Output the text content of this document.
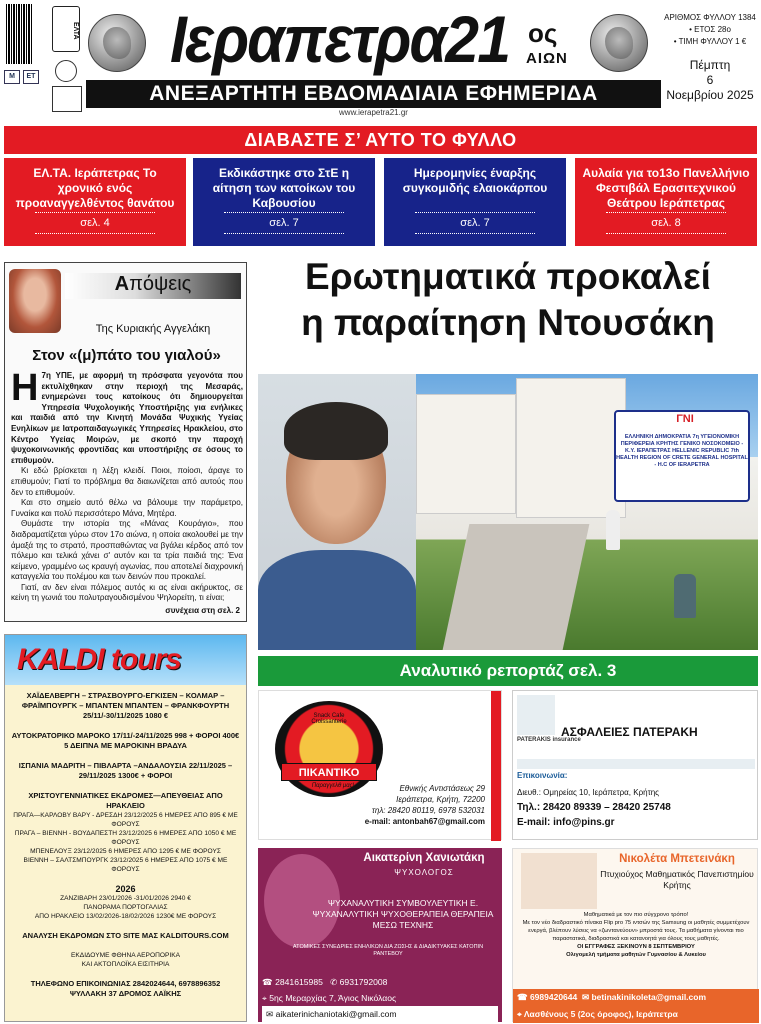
Μ	ΕΤ
ΕΛΤΑ Ιεραπετρα21 ος
ΑΙΩΝ
ΑΝΕΞΑΡΤΗΤΗ ΕΒΔΟΜΑΔΙΑΙΑ ΕΦΗΜΕΡΙΔΑ
www.ierapetra21.gr
ΑΡΙΘΜΟΣ ΦΥΛΛΟΥ 1384
• ΕΤΟΣ 28ο
• ΤΙΜΗ ΦΥΛΛΟΥ 1 €
Πέμπτη
6
Νοεμβρίου 2025
ΔΙΑΒΑΣΤΕ Σ’ ΑΥΤΟ ΤΟ ΦΥΛΛΟ
ΕΛ.ΤΑ. Ιεράπετρας Το χρονικό ενός προαναγγελθέντος θανάτου
σελ. 4
Εκδικάστηκε στο ΣτΕ η αίτηση των κατοίκων του Καβουσίου
σελ. 7
Ημερομηνίες έναρξης συγκομιδής ελαιοκάρπου
σελ. 7
Αυλαία για το13ο Πανελλήνιο Φεστιβάλ Ερασιτεχνικού Θεάτρου Ιεράπετρας
σελ. 8
Απόψεις
Της Κυριακής Αγγελάκη
Στον «(μ)πάτο του γιαλού»
Η 7η ΥΠΕ, με αφορμή τη πρόσφατα γεγονότα που εκτυλίχθηκαν στην περιοχή της Μεσαράς, ενημερώνει τους κατοίκους ότι δημιουργείται Υπηρεσία Ψυχολογικής Υποστήριξης για ενήλικες και παιδιά από την Κινητή Μονάδα Ψυχικής Υγείας Ενηλίκων με Ιατροπαιδαγωγικές Υπηρεσίες Ηρακλείου, στο Κέντρο Υγείας Μοιρών, με σκοπό την παροχή ψυχοκοινωνικής φροντίδας και υποστήριξης σε όσους το επιθυμούν.
Κι εδώ βρίσκεται η λέξη κλειδί. Ποιοι, ποίοσι, άραγε το επιθυμούν; Γιατί το πρόβλημα θα διαιωνίζεται από αυτούς που δεν το επιθυμούν.
Και στο σημείο αυτό θέλω να βάλουμε την παράμετρο, Γυναίκα και πολύ περισσότερο Μάνα, Μητέρα.
Θυμάστε την ιστορία της «Μάνας Κουράγιο», που διαδραματίζεται γύρω στον 17ο αιώνα, η οποία ακολουθεί με την άμαξά της το στρατό, προσπαθώντας να βγάλει κέρδος από τον πόλεμο και τελικά χάνει σ' αυτόν και τα τρία παιδιά της: Ένα κείμενο, γραμμένο ως κραυγή αγωνίας, που αποτελεί διαχρονική καταγγελία του πολέμου και των δεινών που προκαλεί.
Γιατί, αν δεν είναι πόλεμος αυτός κι ας είναι ακήρυκτος, σε κείνη τη γωνιά του πολυτραγουδισμένου Ψηλορείτη, τι είναι;
συνέχεια στη σελ. 2
Ερωτηματικά προκαλεί
η παραίτηση Ντουσάκη
ΓΝΙ
ΕΛΛΗΝΙΚΗ ΔΗΜΟΚΡΑΤΙΑ 7η ΥΓΕΙΟΝΟΜΙΚΗ ΠΕΡΙΦΕΡΕΙΑ ΚΡΗΤΗΣ ΓΕΝΙΚΟ ΝΟΣΟΚΟΜΕΙΟ - Κ.Υ. ΙΕΡΑΠΕΤΡΑΣ HELLENIC REPUBLIC 7th HEALTH REGION OF CRETE GENERAL HOSPITAL - H.C OF IERAPETRA
Αναλυτικό ρεπορτάζ σελ. 3
KALDI tours
ΧΑΪΔΕΛΒΕΡΓΗ – ΣΤΡΑΣΒΟΥΡΓΟ-ΕΓΚΙΣΕΝ – ΚΟΛΜΑΡ – ΦΡΑΪΜΠΟΥΡΓΚ – ΜΠΑΝΤΕΝ ΜΠΑΝΤΕΝ – ΦΡΑΝΚΦΟΥΡΤΗ 25/11/-30/11/2025 1080 €
ΑΥΤΟΚΡΑΤΟΡΙΚΟ ΜΑΡΟΚΟ 17/11/-24/11/2025 998 + ΦΟΡΟΙ 400€ 5 ΔΕΙΠΝΑ ΜΕ ΜΑΡΟΚΙΝΗ ΒΡΑΔΥΑ
ΙΣΠΑΝΙΑ ΜΑΔΡΙΤΗ – ΠΙΒΛΑΡΤΑ –ΑΝΔΑΛΟΥΣΙΑ 22/11/2025 – 29/11/2025 1300€ + ΦΟΡΟΙ
ΧΡΙΣΤΟΥΓΕΝΝΙΑΤΙΚΕΣ ΕΚΔΡΟΜΕΣ—ΑΠΕΥΘΕΙΑΣ ΑΠΟ ΗΡΑΚΛΕΙΟ
ΠΡΑΓΑ—ΚΑΡΛΟΒΥ ΒΑΡΥ - ΔΡΕΣΔΗ 23/12/2025 6 ΗΜΕΡΕΣ ΑΠΟ 895 € ΜΕ ΦΟΡΟΥΣ
ΠΡΑΓΑ – ΒΙΕΝΝΗ - ΒΟΥΔΑΠΕΣΤΗ 23/12/2025 6 ΗΜΕΡΕΣ ΑΠΟ 1050 € ΜΕ ΦΟΡΟΥΣ
ΜΠΕΝΕΛΟΥΞ 23/12/2025 6 ΗΜΕΡΕΣ ΑΠΟ 1295 € ΜΕ ΦΟΡΟΥΣ
ΒΙΕΝΝΗ – ΣΑΛΤΣΜΠΟΥΡΓΚ 23/12/2025 6 ΗΜΕΡΕΣ ΑΠΟ 1075 € ΜΕ ΦΟΡΟΥΣ
2026
ΖΑΝΖΙΒΑΡΗ 23/01/2026 -31/01/2026 2940 €
ΠΑΝΟΡΑΜΑ ΠΟΡΤΟΓΑΛΙΑΣ
ΑΠΟ ΗΡΑΚΛΕΙΟ 13/02/2026-18/02/2026 1230€ ΜΕ ΦΟΡΟΥΣ
ΑΝΑΛΥΣΗ ΕΚΔΡΟΜΩΝ ΣΤΟ SITE ΜΑΣ KALDITOURS.COM
ΕΚΔΙΔΟΥΜΕ ΦΘΗΝΑ ΑΕΡΟΠΟΡΙΚΑ
ΚΑΙ ΑΚΤΟΠΛΟΪΚΑ ΕΙΣΙΤΗΡΙΑ
ΤΗΛΕΦΩΝΟ ΕΠΙΚΟΙΝΩΝΙΑΣ 2842024644, 6978896352
ΨΥΛΛΑΚΗ 37 ΔΡΟΜΟΣ ΛΑΪΚΗΣ
Snack Cafe Croissanterie
ΠΙΚΑΝΤΙΚΟ
Παραγγελθ μας!	Εθνικής Αντιστάσεως 29
Ιεράπετρα, Κρήτη, 72200
τηλ: 28420 80119, 6978 532031
e-mail: antonbah67@gmail.com
PATERAKIS insurance
ΑΣΦΑΛΕΙΕΣ ΠΑΤΕΡΑΚΗ
Επικοινωνία:
Διευθ.: Ομηρείας 10, Ιεράπετρα, Κρήτης
Τηλ.: 28420 89339 – 28420 25748
E-mail: info@pins.gr
Αικατερίνη Χανιωτάκη
ΨΥΧΟΛΟΓΟΣ
ΨΥΧΑΝΑΛΥΤΙΚΗ ΣΥΜΒΟΥΛΕΥΤΙΚΗ Ε. ΨΥΧΑΝΑΛΥΤΙΚΗ ΨΥΧΟΘΕΡΑΠΕΙΑ ΘΕΡΑΠΕΙΑ ΜΕΣΩ ΤΕΧΝΗΣ
ΑΤΟΜΙΚΕΣ ΣΥΝΕΔΡΙΕΣ ΕΝΗΛΙΚΩΝ ΔΙΑ ΖΩΣΗΣ & ΔΙΑΔΙΚΤΥΑΚΕΣ ΚΑΤΟΠΙΝ ΡΑΝΤΕΒΟΥ
☎ 2841615985 ✆ 6931792008
⌖ 5ης Μεραρχίας 7, Άγιος Νικόλαος
✉ aikaterinichaniotaki@gmail.com
Νικολέτα Μπετεινάκη
Πτυχιούχος Μαθηματικός Πανεπιστημίου Κρήτης
Μαθηματικά με τον πιο σύγχρονο τρόπο!
Με τον νέο διαδραστικό πίνακα Flip pro 75 ιντσών της Samsung οι μαθητές συμμετέχουν ενεργά, βλέπουν λύσεις να «ζωντανεύουν» μπροστά τους. Τα μαθήματα γίνονται πιο παραστατικά, διαδραστικά και κατανοητά για όλους τους μαθητές.
ΟΙ ΕΓΓΡΑΦΕΣ ΞΕΚΙΝΟΥΝ 8 ΣΕΠΤΕΜΒΡΙΟΥ
Ολιγομελή τμήματα μαθητών Γυμνασίου & Λυκείου
☎ 6989420644 ✉ betinakinikoleta@gmail.com
⌖ Λασθένους 5 (2ος όροφος), Ιεράπετρα
